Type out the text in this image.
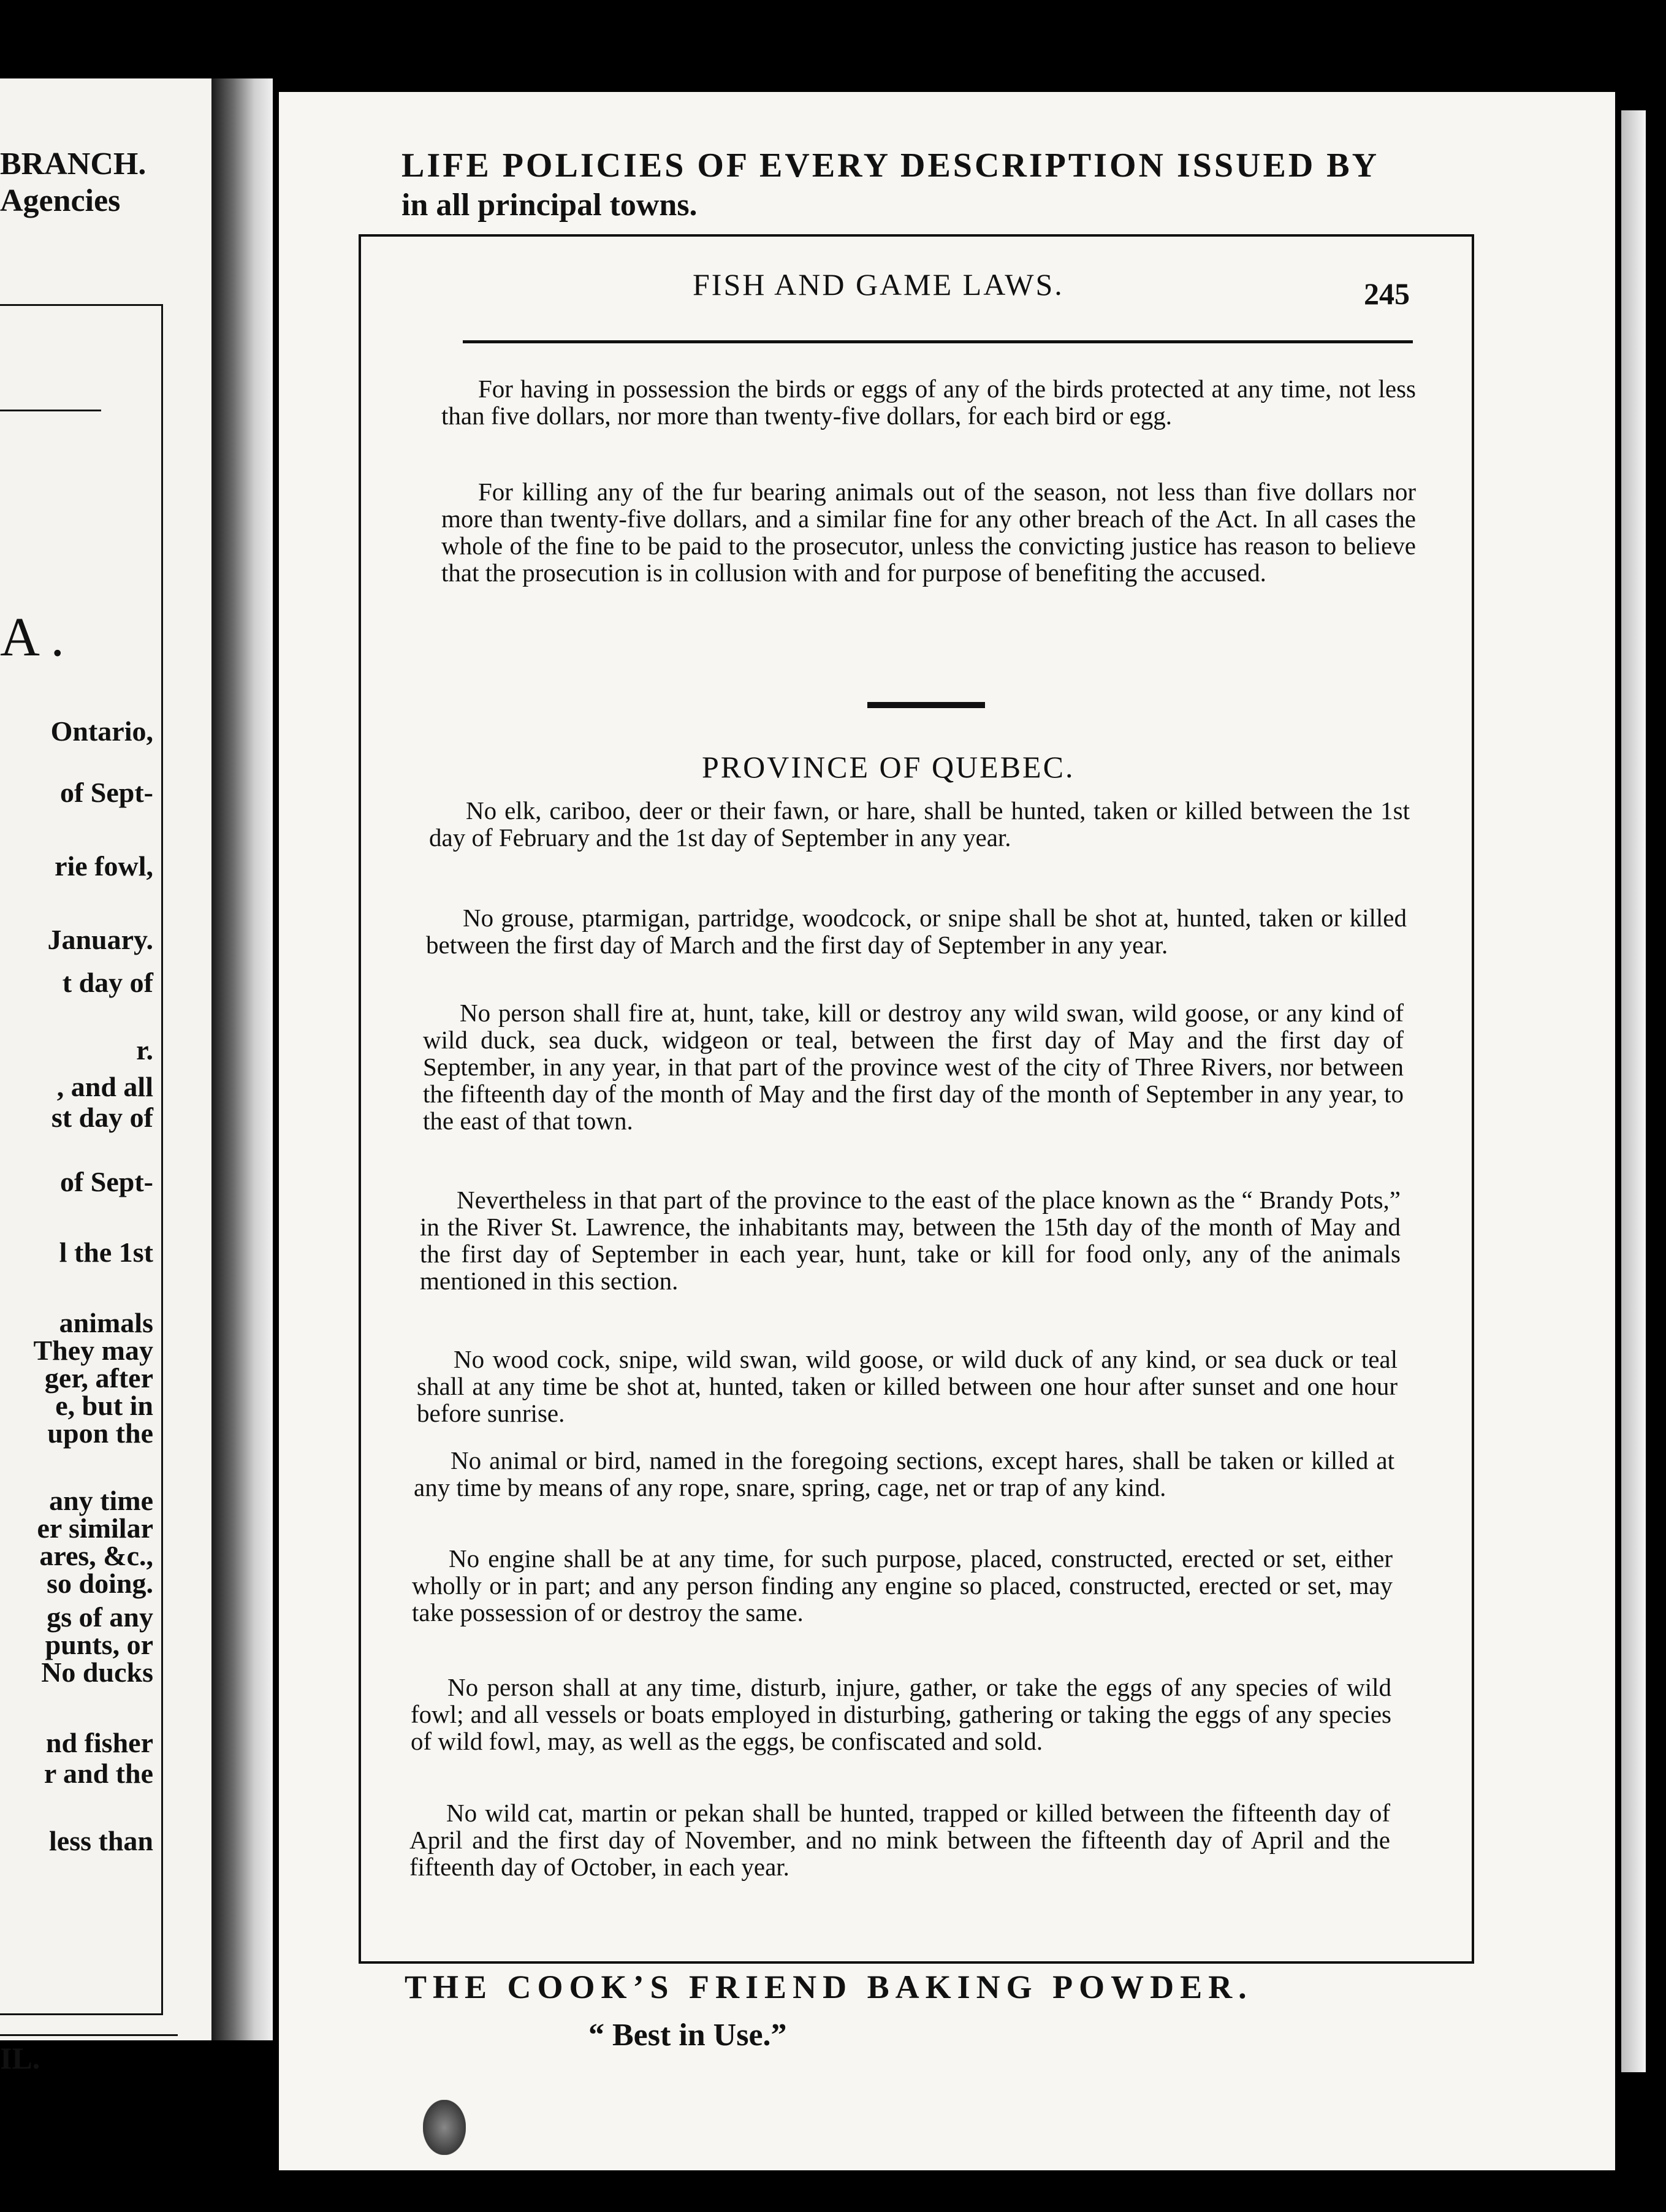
BRANCH.
Agencies
A .
Ontario,
of Sept-
rie fowl,
January.
t day of
r.
, and all
st day of
of Sept-
l the 1st
animals
They may
ger, after
e, but in
upon the
any time
er similar
ares, &c.,
so doing.
gs of any
punts, or
No ducks
nd fisher
r and the
less than
IL.
LIFE POLICIES OF EVERY DESCRIPTION ISSUED BY
in all principal towns.
FISH AND GAME LAWS.	245

For having in possession the birds or eggs of any of the birds protected at any time, not less than five dollars, nor more than twenty-five dollars, for each bird or egg.

For killing any of the fur bearing animals out of the season, not less than five dollars nor more than twenty-five dollars, and a similar fine for any other breach of the Act. In all cases the whole of the fine to be paid to the prosecutor, unless the convicting justice has reason to believe that the prosecution is in collusion with and for purpose of benefiting the accused.

PROVINCE OF QUEBEC.

No elk, cariboo, deer or their fawn, or hare, shall be hunted, taken or killed between the 1st day of February and the 1st day of September in any year.

No grouse, ptarmigan, partridge, woodcock, or snipe shall be shot at, hunted, taken or killed between the first day of March and the first day of September in any year.

No person shall fire at, hunt, take, kill or destroy any wild swan, wild goose, or any kind of wild duck, sea duck, widgeon or teal, between the first day of May and the first day of September, in any year, in that part of the province west of the city of Three Rivers, nor between the fifteenth day of the month of May and the first day of the month of September in any year, to the east of that town.

Nevertheless in that part of the province to the east of the place known as the “ Brandy Pots,” in the River St. Lawrence, the inhabitants may, between the 15th day of the month of May and the first day of September in each year, hunt, take or kill for food only, any of the animals mentioned in this section.

No wood cock, snipe, wild swan, wild goose, or wild duck of any kind, or sea duck or teal shall at any time be shot at, hunted, taken or killed between one hour after sunset and one hour before sunrise.

No animal or bird, named in the foregoing sections, except hares, shall be taken or killed at any time by means of any rope, snare, spring, cage, net or trap of any kind.

No engine shall be at any time, for such purpose, placed, constructed, erected or set, either wholly or in part; and any person finding any engine so placed, constructed, erected or set, may take possession of or destroy the same.

No person shall at any time, disturb, injure, gather, or take the eggs of any species of wild fowl; and all vessels or boats employed in disturbing, gathering or taking the eggs of any species of wild fowl, may, as well as the eggs, be confiscated and sold.

No wild cat, martin or pekan shall be hunted, trapped or killed between the fifteenth day of April and the first day of November, and no mink between the fifteenth day of April and the fifteenth day of October, in each year.

THE COOK’S FRIEND BAKING POWDER.
“ Best in Use.”
